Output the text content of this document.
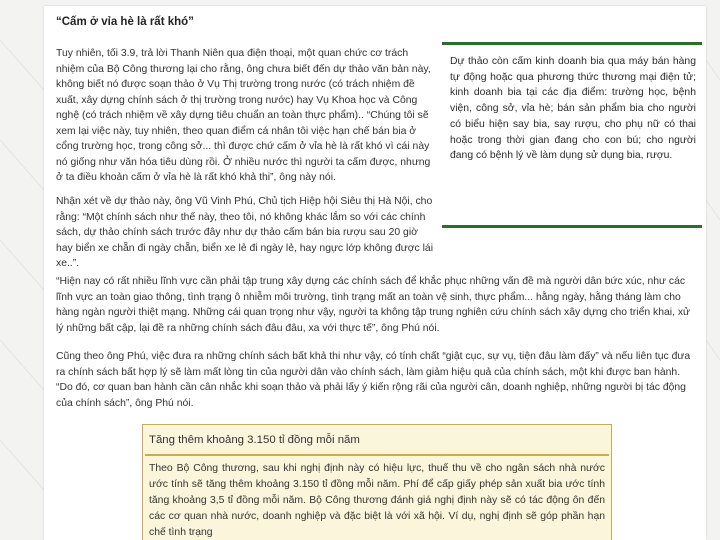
“Cấm ở vỉa hè là rất khó”

Tuy nhiên, tối 3.9, trả lời Thanh Niên qua điện thoại, một quan chức cơ trách nhiệm của Bộ Công thương lại cho rằng, ông chưa biết đến dự thảo văn bản này, không biết nó được soạn thảo ở Vụ Thị trường trong nước (có trách nhiệm đề xuất, xây dựng chính sách ở thị trường trong nước) hay Vụ Khoa học và Công nghệ (có trách nhiệm về xây dựng tiêu chuẩn an toàn thực phẩm).. “Chúng tôi sẽ xem lại việc này, tuy nhiên, theo quan điểm cá nhân tôi việc hạn chế bán bia ở cổng trường học, trong công sở... thì được chứ cấm ở vỉa hè là rất khó vì cái này nó giống như văn hóa tiêu dùng rồi. Ở nhiều nước thì người ta cấm được, nhưng ở ta điều khoản cấm ở vỉa hè là rất khó khả thi”, ông này nói.

Dự thảo còn cấm kinh doanh bia qua máy bán hàng tự động hoặc qua phương thức thương mại điện tử; kinh doanh bia tại các địa điểm: trường học, bệnh viện, công sở, vỉa hè; bán sản phẩm bia cho người có biểu hiện say bia, say rượu, cho phụ nữ có thai hoặc trong thời gian đang cho con bú; cho người đang có bệnh lý về làm dụng sử dụng bia, rượu.

Nhận xét về dự thảo này, ông Vũ Vinh Phú, Chủ tịch Hiệp hội Siêu thị Hà Nội, cho rằng: “Một chính sách như thế này, theo tôi, nó không khác lắm so với các chính sách, dự thảo chính sách trước đây như dự thảo cấm bán bia rượu sau 20 giờ hay biển xe chẵn đi ngày chẵn, biển xe lẻ đi ngày lẻ, hay ngực lớp không được lái xe..”.

“Hiện nay có rất nhiều lĩnh vực cần phải tập trung xây dựng các chính sách để khắc phục những vấn đề mà người dân bức xúc, như các lĩnh vực an toàn giao thông, tình trạng ô nhiễm môi trường, tình trạng mất an toàn vệ sinh, thực phẩm... hằng ngày, hằng tháng làm cho hàng ngàn người thiệt mạng. Những cái quan trọng như vậy, người ta không tập trung nghiên cứu chính sách xây dựng cho triển khai, xử lý những bất cập, lại đề ra những chính sách đâu đâu, xa với thực tế”, ông Phú nói.

Cũng theo ông Phú, việc đưa ra những chính sách bất khả thi như vậy, có tính chất “giật cục, sự vụ, tiện đâu làm đấy” và nếu liên tục đưa ra chính sách bất hợp lý sẽ làm mất lòng tin của người dân vào chính sách, làm giảm hiệu quả của chính sách, một khi được ban hành. “Do đó, cơ quan ban hành cần cân nhắc khi soạn thảo và phải lấy ý kiến rộng rãi của người cân, doanh nghiệp, những người bị tác động của chính sách”, ông Phú nói.

Tăng thêm khoảng 3.150 tỉ đồng mỗi năm

Theo Bộ Công thương, sau khi nghị định này có hiệu lực, thuế thu về cho ngân sách nhà nước ước tính sẽ tăng thêm khoảng 3.150 tỉ đồng mỗi năm. Phí để cấp giấy phép sản xuất bia ước tính tăng khoảng 3,5 tỉ đồng mỗi năm. Bộ Công thương đánh giá nghị định này sẽ có tác động ôn đến các cơ quan nhà nước, doanh nghiệp và đặc biệt là với xã hội. Ví dụ, nghị định sẽ góp phần hạn chế tình trạng
